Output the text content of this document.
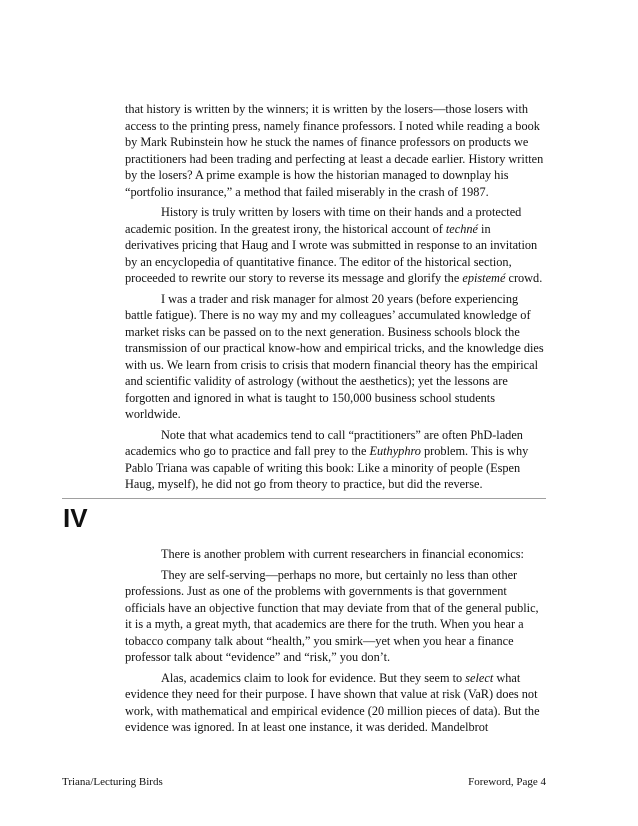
that history is written by the winners; it is written by the losers—those losers with access to the printing press, namely finance professors. I noted while reading a book by Mark Rubinstein how he stuck the names of finance professors on products we practitioners had been trading and perfecting at least a decade earlier. History written by the losers? A prime example is how the historian managed to downplay his “portfolio insurance,” a method that failed miserably in the crash of 1987.

History is truly written by losers with time on their hands and a protected academic position. In the greatest irony, the historical account of techné in derivatives pricing that Haug and I wrote was submitted in response to an invitation by an encyclopedia of quantitative finance. The editor of the historical section, proceeded to rewrite our story to reverse its message and glorify the epistemé crowd.

I was a trader and risk manager for almost 20 years (before experiencing battle fatigue). There is no way my and my colleagues’ accumulated knowledge of market risks can be passed on to the next generation. Business schools block the transmission of our practical know-how and empirical tricks, and the knowledge dies with us. We learn from crisis to crisis that modern financial theory has the empirical and scientific validity of astrology (without the aesthetics); yet the lessons are forgotten and ignored in what is taught to 150,000 business school students worldwide.

Note that what academics tend to call “practitioners” are often PhD-laden academics who go to practice and fall prey to the Euthyphro problem. This is why Pablo Triana was capable of writing this book: Like a minority of people (Espen Haug, myself), he did not go from theory to practice, but did the reverse.

IV

There is another problem with current researchers in financial economics:

They are self-serving—perhaps no more, but certainly no less than other professions. Just as one of the problems with governments is that government officials have an objective function that may deviate from that of the general public, it is a myth, a great myth, that academics are there for the truth. When you hear a tobacco company talk about “health,” you smirk—yet when you hear a finance professor talk about “evidence” and “risk,” you don’t.

Alas, academics claim to look for evidence. But they seem to select what evidence they need for their purpose. I have shown that value at risk (VaR) does not work, with mathematical and empirical evidence (20 million pieces of data). But the evidence was ignored. In at least one instance, it was derided. Mandelbrot

Triana/Lecturing Birds	Foreword, Page 4
